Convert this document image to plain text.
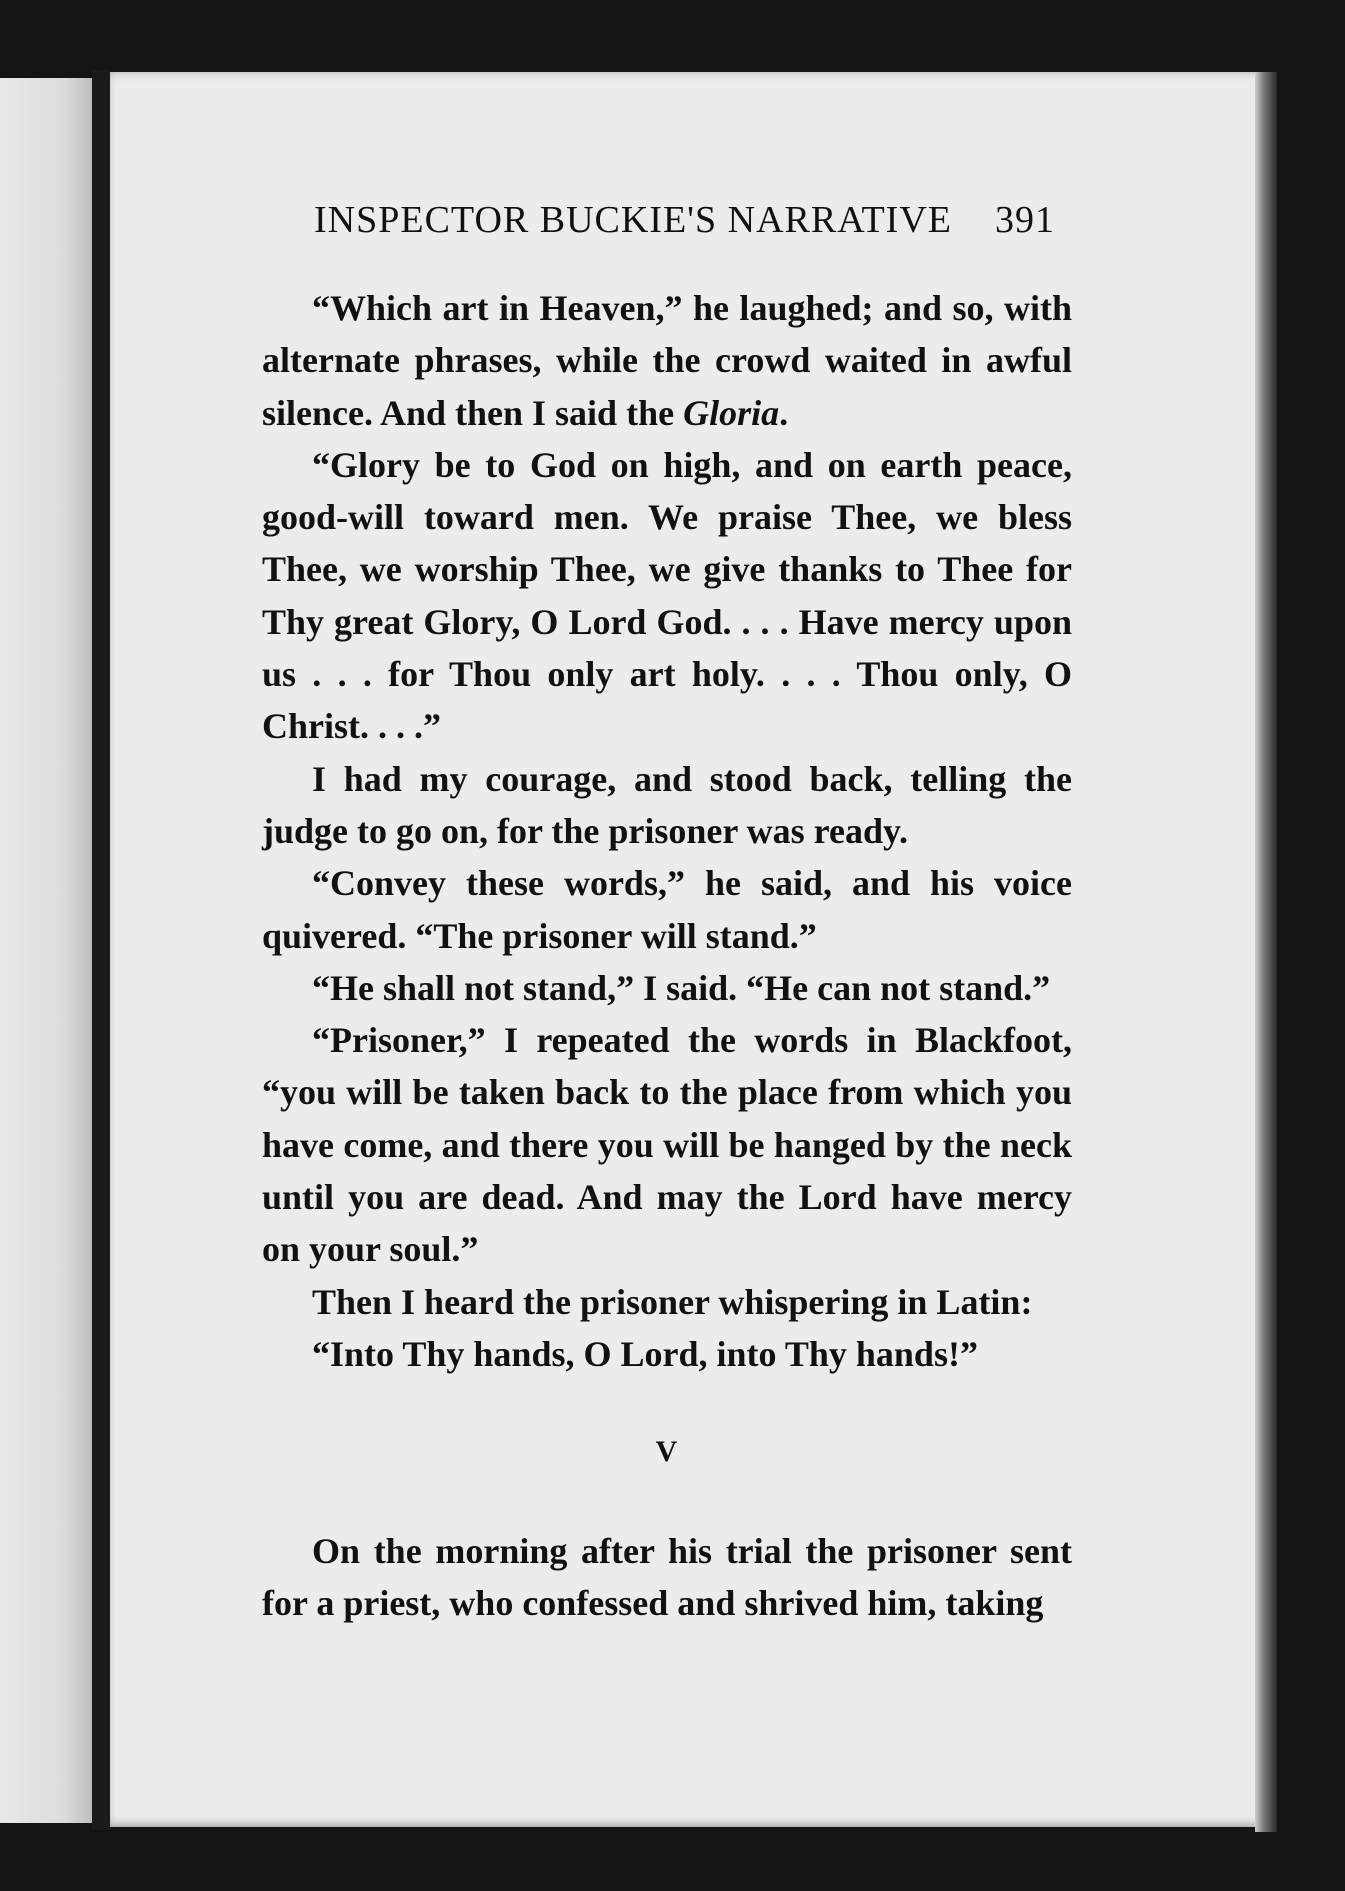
INSPECTOR BUCKIE'S NARRATIVE 391

“Which art in Heaven,” he laughed; and so, with alternate phrases, while the crowd waited in awful silence. And then I said the Gloria.

“Glory be to God on high, and on earth peace, good-will toward men. We praise Thee, we bless Thee, we worship Thee, we give thanks to Thee for Thy great Glory, O Lord God. . . . Have mercy upon us . . . for Thou only art holy. . . . Thou only, O Christ. . . .”

I had my courage, and stood back, telling the judge to go on, for the prisoner was ready.

“Convey these words,” he said, and his voice quivered. “The prisoner will stand.”

“He shall not stand,” I said. “He can not stand.”

“Prisoner,” I repeated the words in Blackfoot, “you will be taken back to the place from which you have come, and there you will be hanged by the neck until you are dead. And may the Lord have mercy on your soul.”

Then I heard the prisoner whispering in Latin:

“Into Thy hands, O Lord, into Thy hands!”

V

On the morning after his trial the prisoner sent for a priest, who confessed and shrived him, taking
